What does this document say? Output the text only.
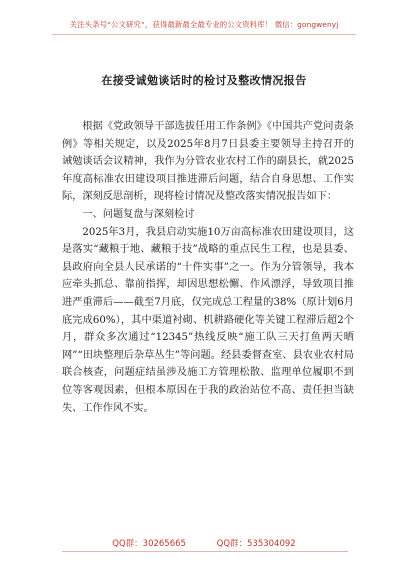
关注头条号“公文研究”，获得最新最全最专业的公文资料库！ 微信：gongwenyj
在接受诚勉谈话时的检讨及整改情况报告

根据《党政领导干部选拔任用工作条例》《中国共产党问责条例》等相关规定，以及2025年8月7日县委主要领导主持召开的诫勉谈话会议精神，我作为分管农业农村工作的副县长，就2025年度高标准农田建设项目推进滞后问题，结合自身思想、工作实际，深刻反思剖析，现将检讨情况及整改落实情况报告如下：

一、问题复盘与深刻检讨

2025年3月，我县启动实施10万亩高标准农田建设项目，这是落实“藏粮于地、藏粮于技”战略的重点民生工程，也是县委、县政府向全县人民承诺的“十件实事”之一。作为分管领导，我本应牵头抓总、靠前指挥，却因思想松懈、作风漂浮，导致项目推进严重滞后——截至7月底，仅完成总工程量的38%（原计划6月底完成60%），其中渠道衬砌、机耕路硬化等关键工程滞后超2个月，群众多次通过“12345”热线反映“施工队三天打鱼两天晒网”“田块整理后杂草丛生”等问题。经县委督查室、县农业农村局联合核查，问题症结虽涉及施工方管理松散、监理单位履职不到位等客观因素，但根本原因在于我的政治站位不高、责任担当缺失、工作作风不实。

QQ群：30265665	QQ群：535304092
